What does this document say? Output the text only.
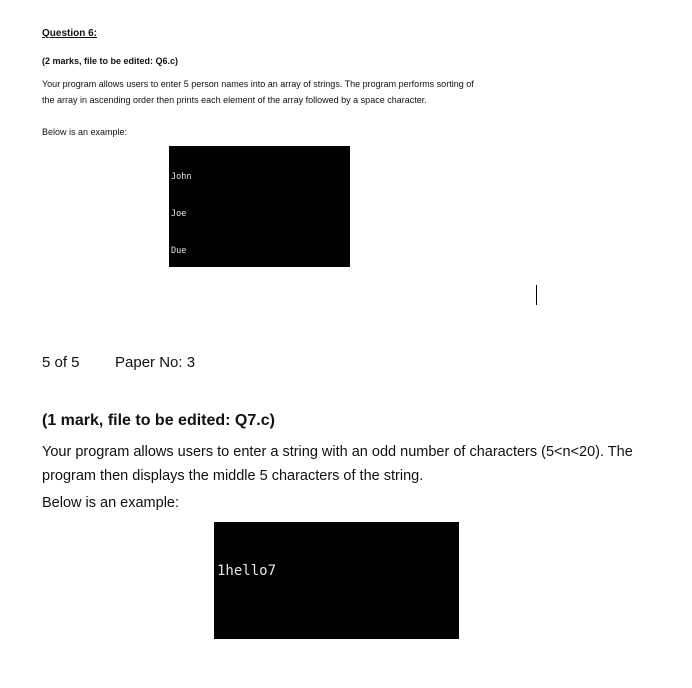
Question 6:
(2 marks, file to be edited: Q6.c)
Your program allows users to enter 5 person names into an array of strings. The program performs sorting of the array in ascending order then prints each element of the array followed by a space character.
Below is an example:

John

Joe

Due

5 of 5 Paper No: 3
(1 mark, file to be edited: Q7.c)
Your program allows users to enter a string with an odd number of characters (5<n<20). The program then displays the middle 5 characters of the string.
Below is an example:

1hello7
